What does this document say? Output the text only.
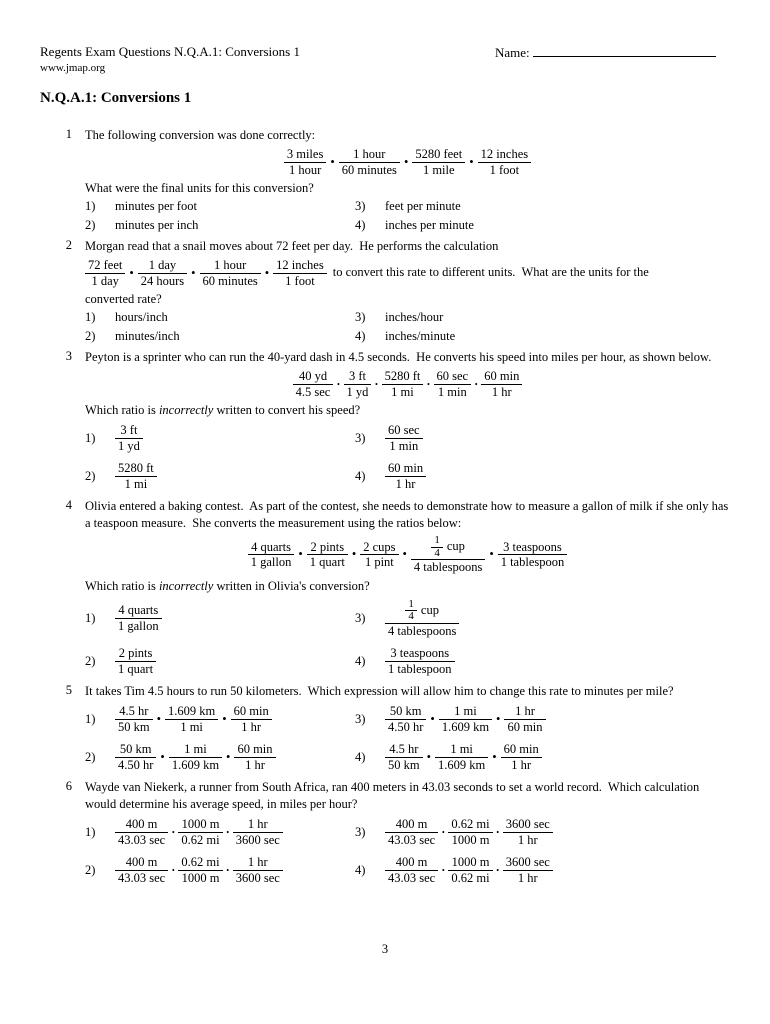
Regents Exam Questions N.Q.A.1: Conversions 1
www.jmap.org
Name:
N.Q.A.1: Conversions 1
1	The following conversion was done correctly:

3 miles
1 hour
•
1 hour
60 minutes
•
5280 feet
1 mile
•
12 inches
1 foot

What were the final units for this conversion?

1)	minutes per foot	3)	feet per minute
2)	minutes per inch	4)	inches per minute
2	Morgan read that a snail moves about 72 feet per day.  He performs the calculation

72 feet
1 day
•
1 day
24 hours
•
1 hour
60 minutes
•
12 inches
1 foot
to convert this rate to different units.  What are the units for the

converted rate?

1)	hours/inch	3)	inches/hour
2)	minutes/inch	4)	inches/minute
3	Peyton is a sprinter who can run the 40-yard dash in 4.5 seconds.  He converts his speed into miles per hour, as shown below.

40 yd
4.5 sec
· $\frac{3 ft}{1 yd} \cdot \frac{5280 ft}{1 mi}$ ·
60 sec
1 min
·
60 min
1 hr

Which ratio is incorrectly written to convert his speed?

1)	$\frac{3 ft}{1 yd}$	3)
60 sec
1 min
2)	$\frac{5280 ft}{1 mi}$	4)
60 min
1 hr
4	Olivia entered a baking contest.  As part of the contest, she needs to demonstrate how to measure a gallon of milk if she only has a teaspoon measure.  She converts the measurement using the ratios below:

4 quarts
1 gallon
•
2 pints
1 quart
•
2 cups
1 pint
• $\frac{1}{4}$ cup
4 tablespoons
•
3 teaspoons
1 tablespoon

Which ratio is incorrectly written in Olivia's conversion?

1)
4 quarts
1 gallon
3)	$\frac{1}{4}$ cup
4 tablespoons
2)
2 pints
1 quart
4)
3 teaspoons
1 tablespoon
5	It takes Tim 4.5 hours to run 50 kilometers.  Which expression will allow him to change this rate to minutes per mile?

1)	$\frac{4.5 hr}{50 km}$ • $\frac{1.609 km}{1 mi}$ •
60 min
1 hr
3)	$\frac{50 km}{4.50 hr}$ • $\frac{1 mi}{1.609 km}$ •
1 hr
60 min
2)	$\frac{50 km}{4.50 hr}$ • $\frac{1 mi}{1.609 km}$ •
60 min
1 hr
4)	$\frac{4.5 hr}{50 km}$ • $\frac{1 mi}{1.609 km}$ •
60 min
1 hr
6	Wayde van Niekerk, a runner from South Africa, ran 400 meters in 43.03 seconds to set a world record.  Which calculation would determine his average speed, in miles per hour?

1)
400 m
43.03 sec
· $\frac{1000 m}{0.62 mi}$ ·
1 hr
3600 sec
3)
400 m
43.03 sec
· $\frac{0.62 mi}{1000 m}$ ·
3600 sec
1 hr
2)
400 m
43.03 sec
· $\frac{0.62 mi}{1000 m}$ ·
1 hr
3600 sec
4)
400 m
43.03 sec
· $\frac{1000 m}{0.62 mi}$ ·
3600 sec
1 hr
3
